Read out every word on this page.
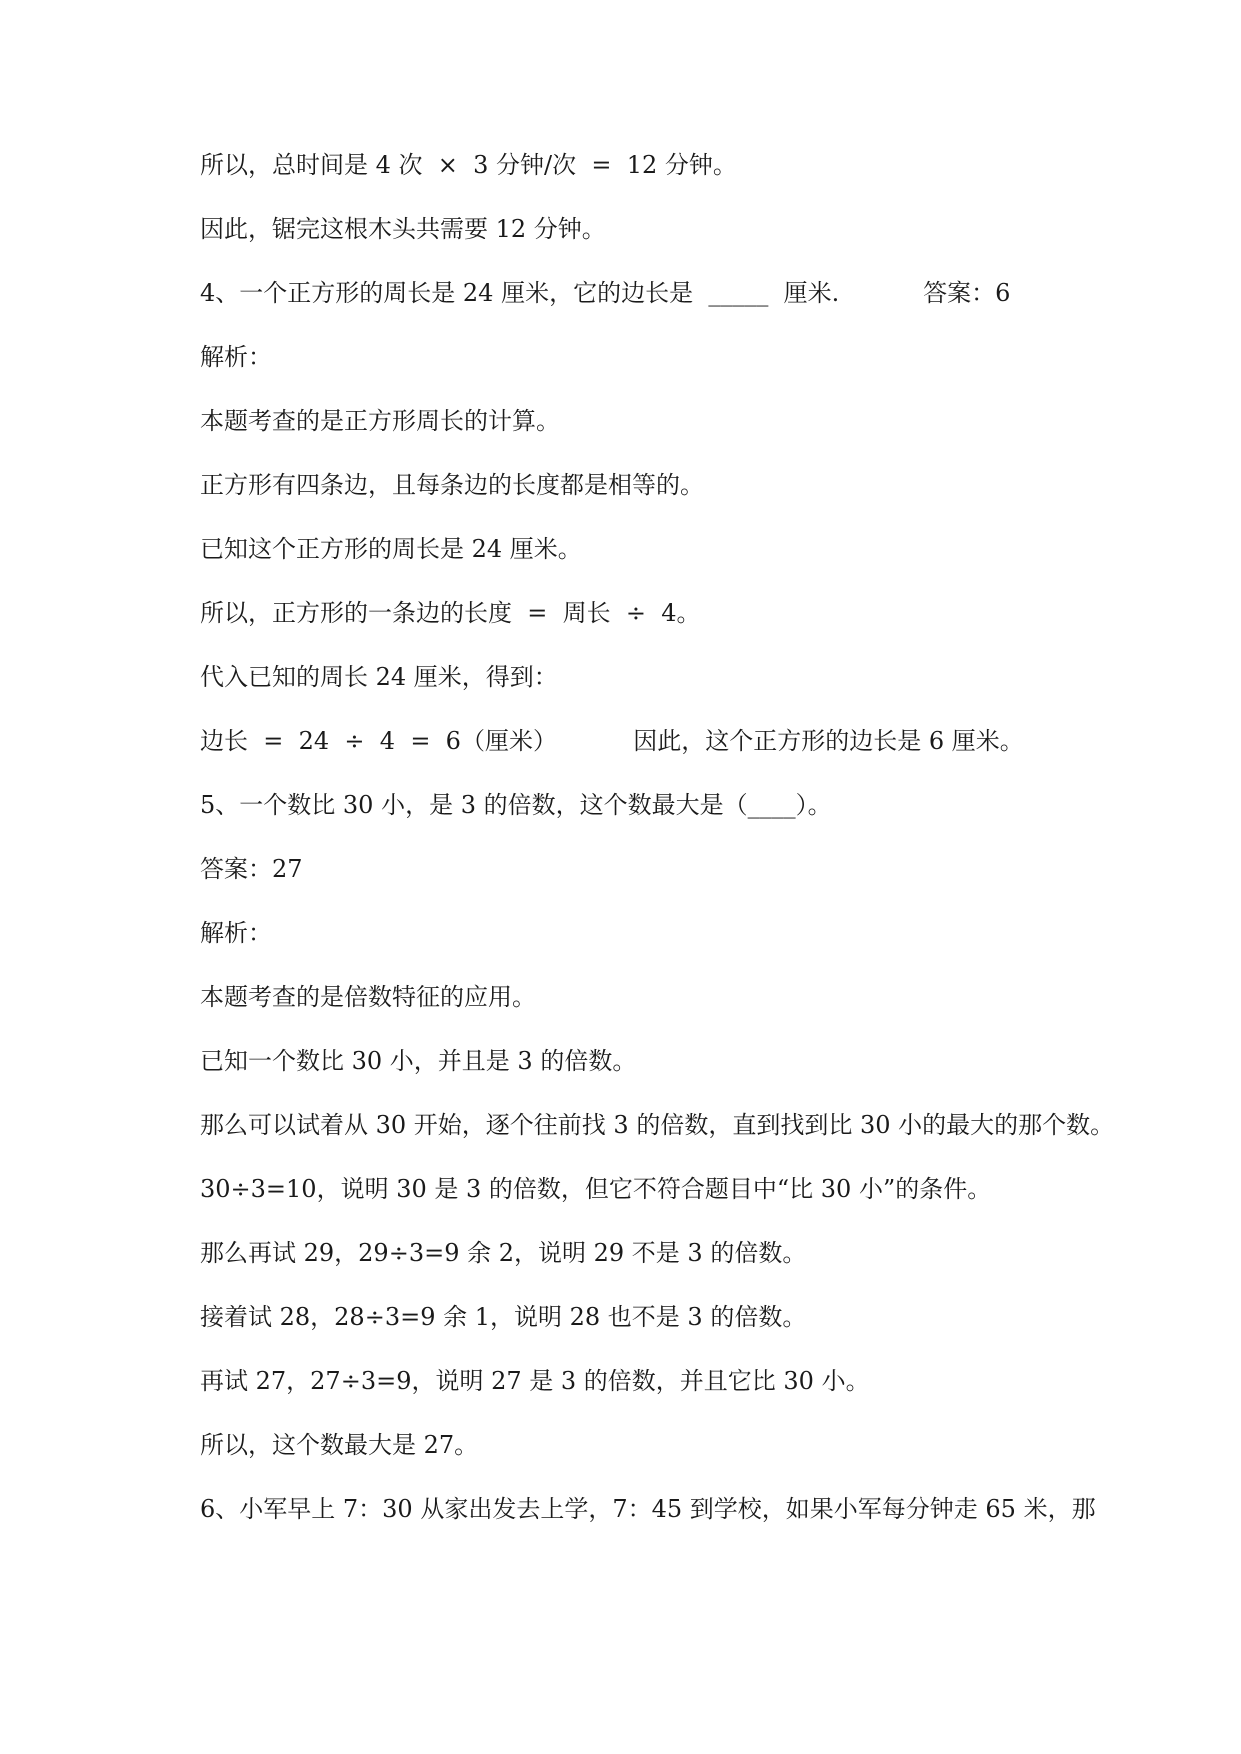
所以，总时间是 4 次  ×  3 分钟/次  =  12 分钟。
因此，锯完这根木头共需要 12 分钟。
4、一个正方形的周长是 24 厘米，它的边长是  _____  厘米.           答案：6
解析：
本题考查的是正方形周长的计算。
正方形有四条边，且每条边的长度都是相等的。
已知这个正方形的周长是 24 厘米。
所以，正方形的一条边的长度  =  周长  ÷  4。
代入已知的周长 24 厘米，得到：
边长  =  24  ÷  4  =  6（厘米）          因此，这个正方形的边长是 6 厘米。
5、一个数比 30 小，是 3 的倍数，这个数最大是（____）。
答案：27
解析：
本题考查的是倍数特征的应用。
已知一个数比 30 小，并且是 3 的倍数。
那么可以试着从 30 开始，逐个往前找 3 的倍数，直到找到比 30 小的最大的那个数。
30÷3=10，说明 30 是 3 的倍数，但它不符合题目中“比 30 小”的条件。
那么再试 29，29÷3=9 余 2，说明 29 不是 3 的倍数。
接着试 28，28÷3=9 余 1，说明 28 也不是 3 的倍数。
再试 27，27÷3=9，说明 27 是 3 的倍数，并且它比 30 小。
所以，这个数最大是 27。
6、小军早上 7：30 从家出发去上学，7：45 到学校，如果小军每分钟走 65 米，那
